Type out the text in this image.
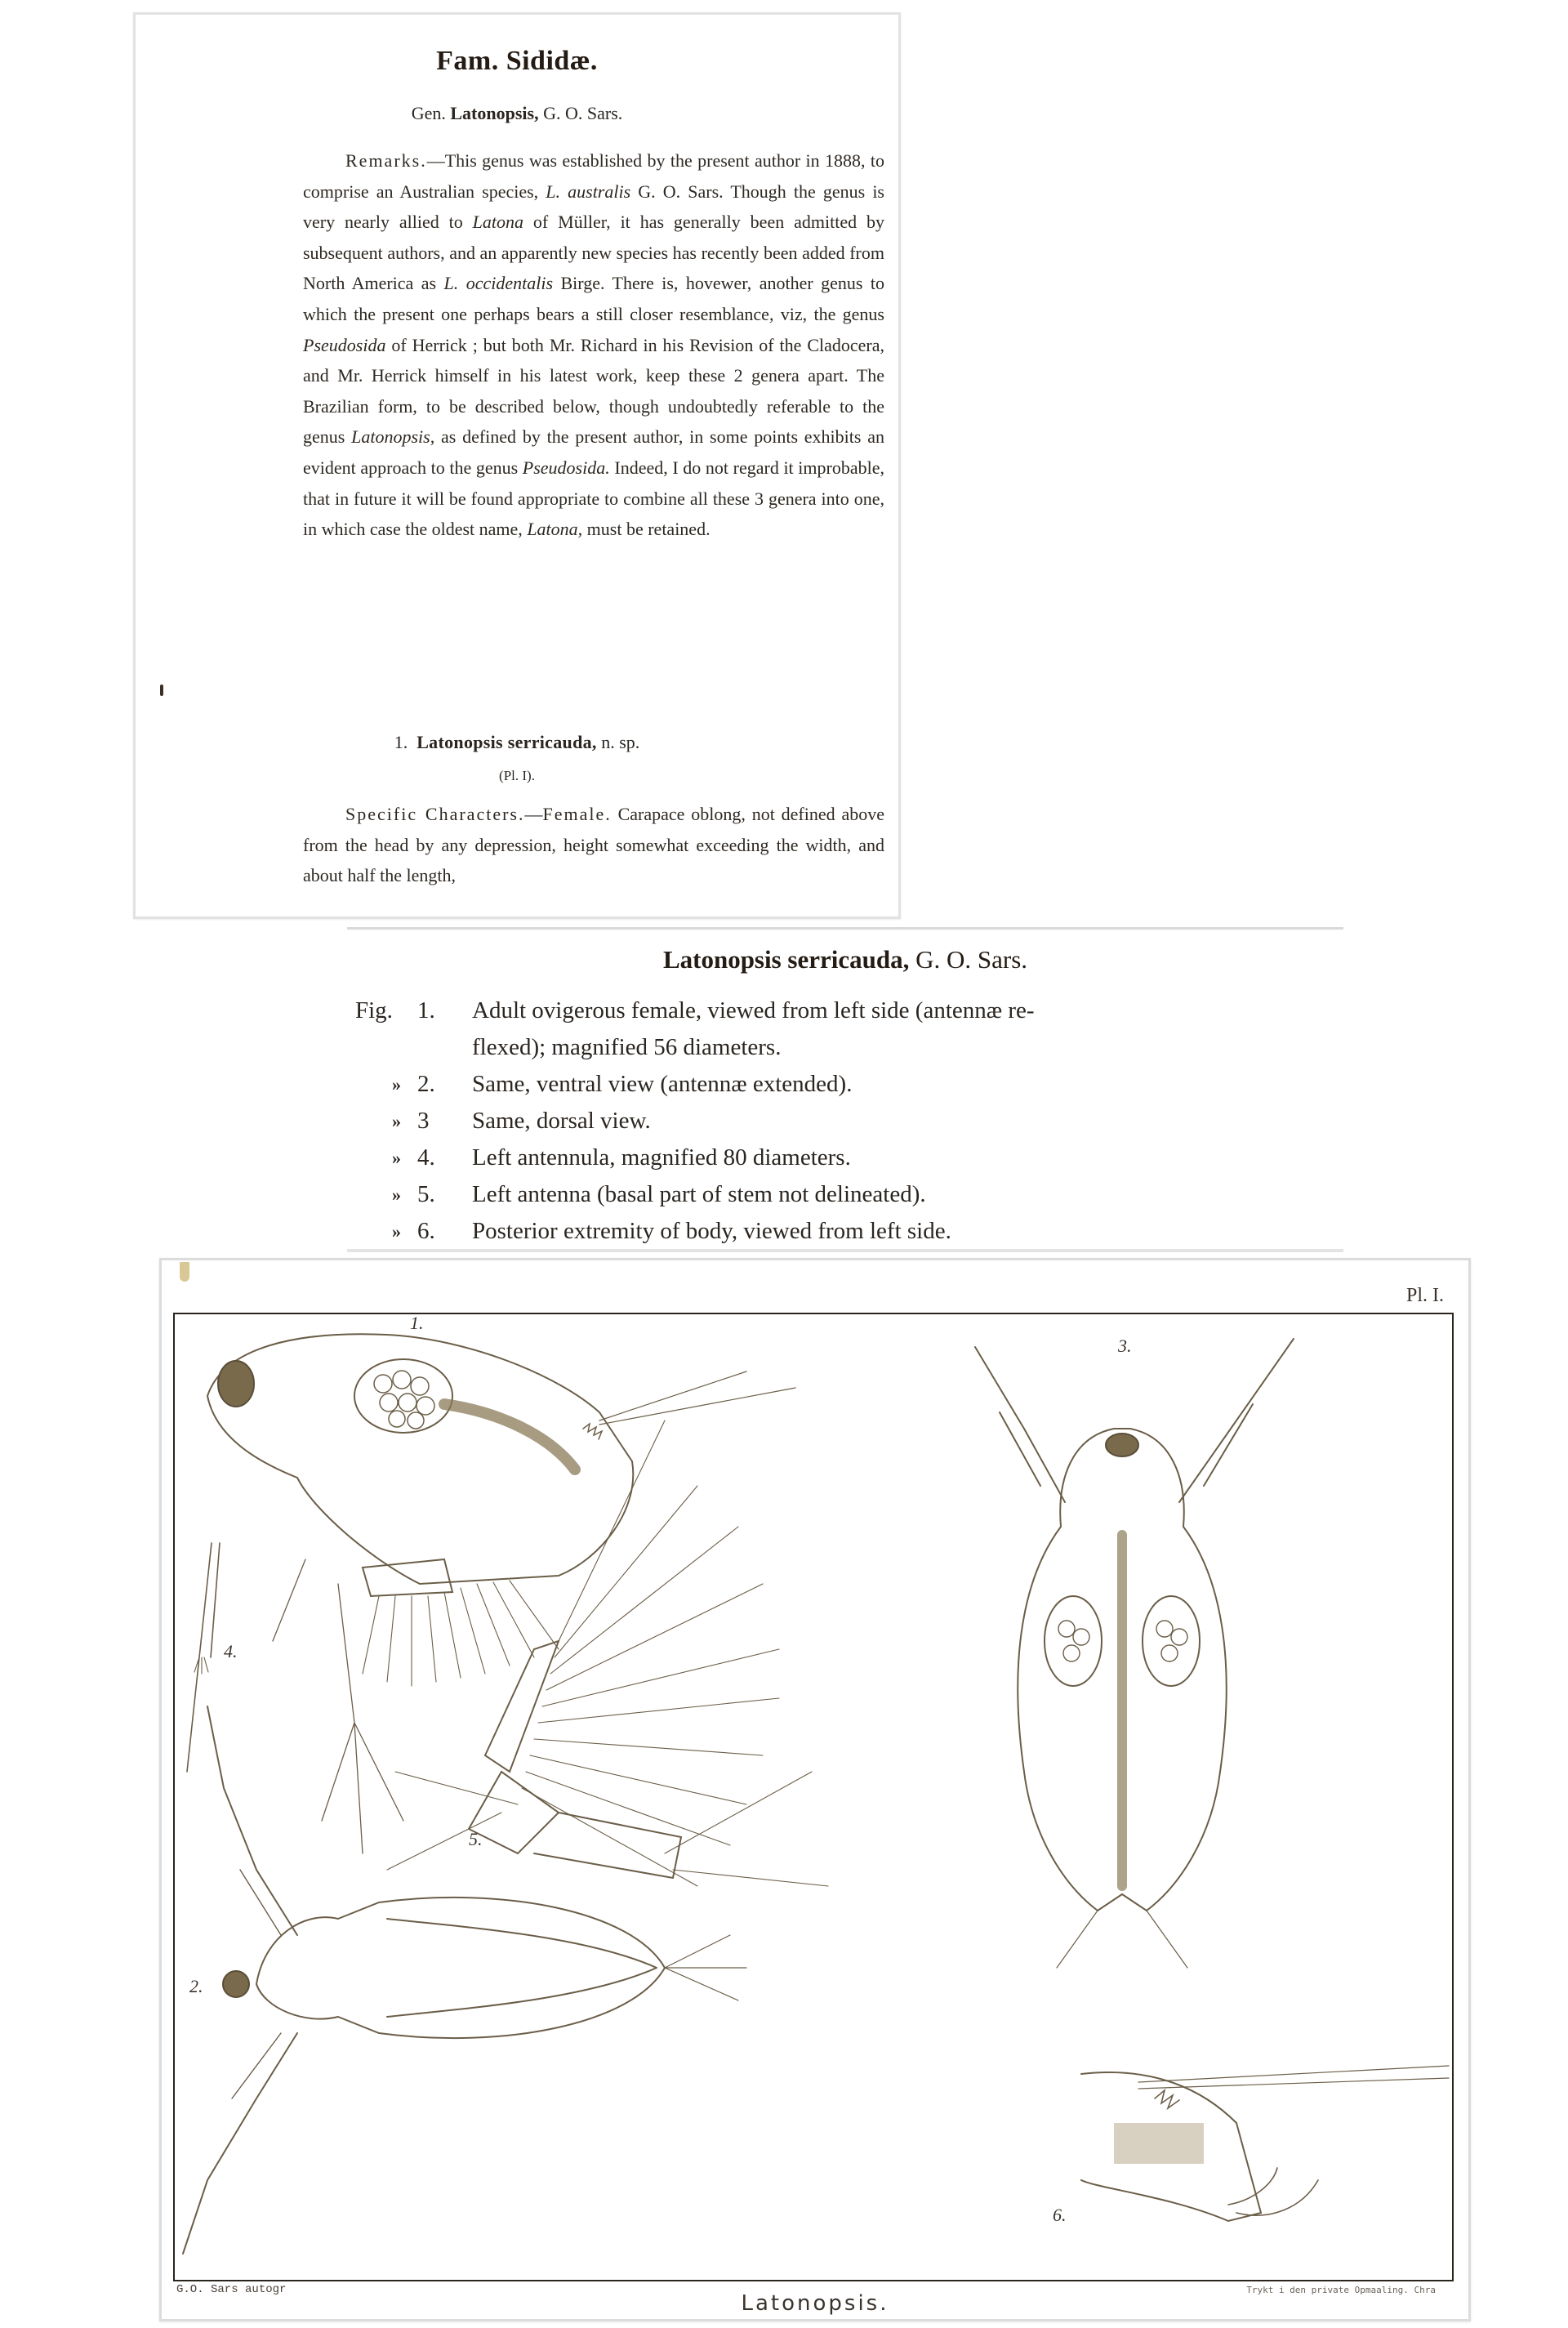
Fam. Sididæ.
Gen. Latonopsis, G. O. Sars.

Remarks.—This genus was established by the present author in 1888, to comprise an Australian species, L. australis G. O. Sars. Though the genus is very nearly allied to Latona of Müller, it has generally been admitted by subsequent authors, and an apparently new species has recently been added from North America as L. occidentalis Birge. There is, hovewer, another genus to which the present one perhaps bears a still closer resemblance, viz, the genus Pseudosida of Herrick ; but both Mr. Richard in his Revision of the Cladocera, and Mr. Herrick himself in his latest work, keep these 2 genera apart. The Brazilian form, to be described below, though undoubtedly referable to the genus Latonopsis, as defined by the present author, in some points exhibits an evident approach to the genus Pseudosida. Indeed, I do not regard it improbable, that in future it will be found appropriate to combine all these 3 genera into one, in which case the oldest name, Latona, must be retained.

1. Latonopsis serricauda, n. sp.
(Pl. I).

Specific Characters.—Female. Carapace oblong, not defined above from the head by any depression, height somewhat exceeding the width, and about half the length,

Latonopsis serricauda, G. O. Sars.
Fig.	1.	Adult ovigerous female, viewed from left side (antennæ re-
flexed); magnified 56 diameters.
» 2.	Same, ventral view (antennæ extended).
» 3	Same, dorsal view.
» 4.	Left antennula, magnified 80 diameters.
» 5.	Left antenna (basal part of stem not delineated).
» 6.	Posterior extremity of body, viewed from left side.
Pl. I.
1.
2.
3.
4.
5.
6.
G.O. Sars autogr
Latonopsis.
Trykt i den private Opmaaling. Chra
